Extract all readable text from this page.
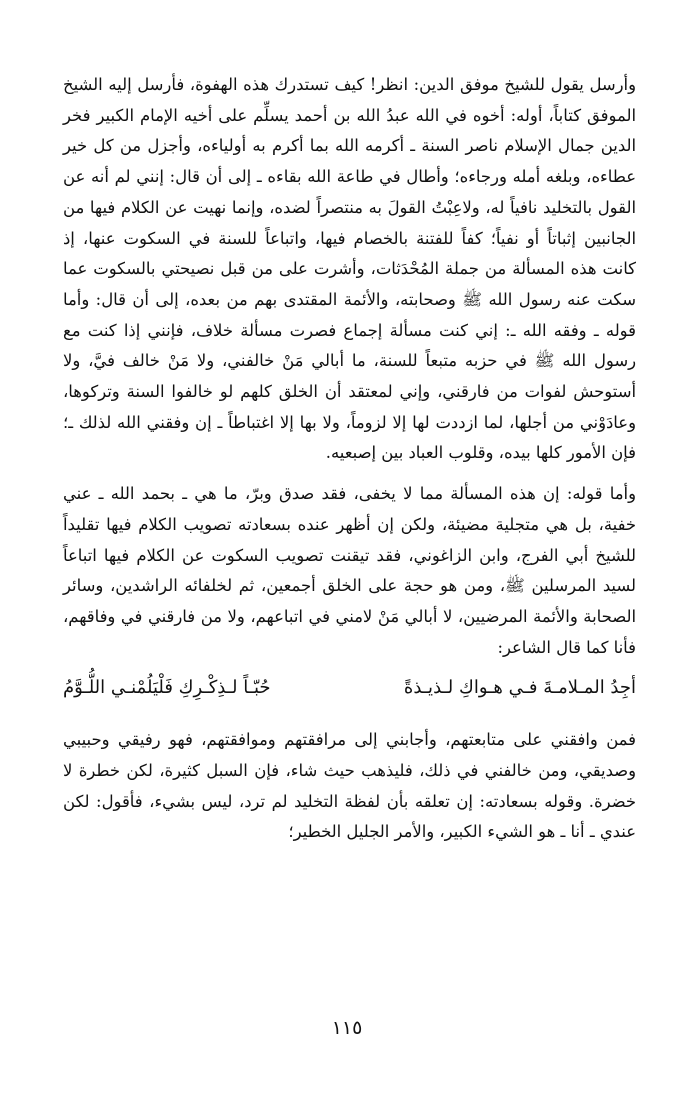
وأرسل يقول للشيخ موفق الدين: انظر! كيف تستدرك هذه الهفوة، فأرسل إليه الشيخ الموفق كتاباً، أوله: أخوه في الله عبدُ الله بن أحمد يسلِّم على أخيه الإمام الكبير فخر الدين جمال الإسلام ناصر السنة ـ أكرمه الله بما أكرم به أولياءه، وأجزل من كل خير عطاءه، وبلغه أمله ورجاءه؛ وأطال في طاعة الله بقاءه ـ إلى أن قال: إنني لم أنه عن القول بالتخليد نافياً له، ولاعِبْتُ القولَ به منتصراً لضده، وإنما نهيت عن الكلام فيها من الجانبين إثباتاً أو نفياً؛ كفاً للفتنة بالخصام فيها، واتباعاً للسنة في السكوت عنها، إذ كانت هذه المسألة من جملة المُحْدَثات، وأشرت على من قبل نصيحتي بالسكوت عما سكت عنه رسول الله ﷺ وصحابته، والأئمة المقتدى بهم من بعده، إلى أن قال: وأما قوله ـ وفقه الله ـ: إني كنت مسألة إجماع فصرت مسألة خلاف، فإنني إذا كنت مع رسول الله ﷺ في حزبه متبعاً للسنة، ما أبالي مَنْ خالفني، ولا مَنْ خالف فيَّ، ولا أستوحش لفوات من فارقني، وإني لمعتقد أن الخلق كلهم لو خالفوا السنة وتركوها، وعادَوْني من أجلها، لما ازددت لها إلا لزوماً، ولا بها إلا اغتباطاً ـ إن وفقني الله لذلك ـ؛ فإن الأمور كلها بيده، وقلوب العباد بين إصبعيه.

وأما قوله: إن هذه المسألة مما لا يخفى، فقد صدق وبرّ، ما هي ـ بحمد الله ـ عني خفية، بل هي متجلية مضيئة، ولكن إن أظهر عنده بسعادته تصويب الكلام فيها تقليداً للشيخ أبي الفرج، وابن الزاغوني، فقد تيقنت تصويب السكوت عن الكلام فيها اتباعاً لسيد المرسلين ﷺ، ومن هو حجة على الخلق أجمعين، ثم لخلفائه الراشدين، وسائر الصحابة والأئمة المرضيين، لا أبالي مَنْ لامني في اتباعهم، ولا من فارقني في وفاقهم، فأنا كما قال الشاعر:

أجِدُ المـلامـةَ فـي هـواكِ لـذيـذةً
حُبّـاً لـذِكْـرِكِ فَلْيَلُمْنـي اللُّـوَّمُ

فمن وافقني على متابعتهم، وأجابني إلى مرافقتهم وموافقتهم، فهو رفيقي وحبيبي وصديقي، ومن خالفني في ذلك، فليذهب حيث شاء، فإن السبل كثيرة، لكن خطرة لا خضرة. وقوله بسعادته: إن تعلقه بأن لفظة التخليد لم ترد، ليس بشيء، فأقول: لكن عندي ـ أنا ـ هو الشيء الكبير، والأمر الجليل الخطير؛

١١٥
